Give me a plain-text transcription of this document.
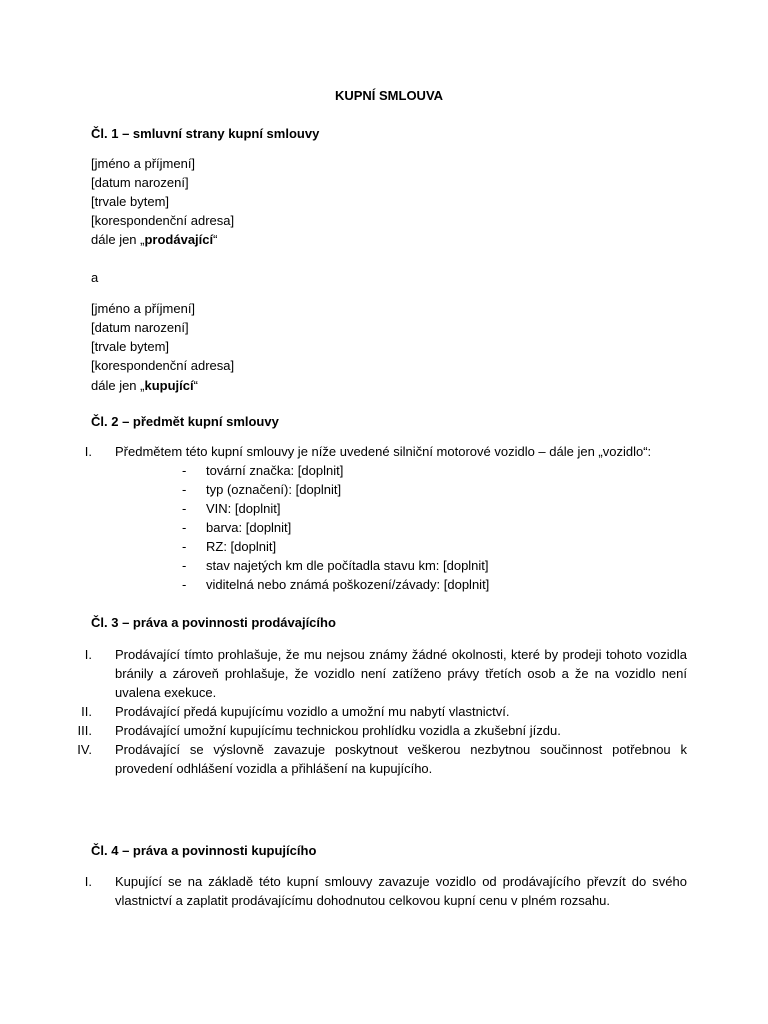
KUPNÍ SMLOUVA
Čl. 1 – smluvní strany kupní smlouvy
[jméno a příjmení]
[datum narození]
[trvale bytem]
[korespondenční adresa]
dále jen „prodávající“
a
[jméno a příjmení]
[datum narození]
[trvale bytem]
[korespondenční adresa]
dále jen „kupující“
Čl. 2 – předmět kupní smlouvy
I. Předmětem této kupní smlouvy je níže uvedené silniční motorové vozidlo – dále jen „vozidlo“:
- tovární značka: [doplnit]
- typ (označení): [doplnit]
- VIN: [doplnit]
- barva: [doplnit]
- RZ: [doplnit]
- stav najetých km dle počítadla stavu km: [doplnit]
- viditelná nebo známá poškození/závady: [doplnit]
Čl. 3 – práva a povinnosti prodávajícího
I. Prodávající tímto prohlašuje, že mu nejsou známy žádné okolnosti, které by prodeji tohoto vozidla bránily a zároveň prohlašuje, že vozidlo není zatíženo právy třetích osob a že na vozidlo není uvalena exekuce.
II. Prodávající předá kupujícímu vozidlo a umožní mu nabytí vlastnictví.
III. Prodávající umožní kupujícímu technickou prohlídku vozidla a zkušební jízdu.
IV. Prodávající se výslovně zavazuje poskytnout veškerou nezbytnou součinnost potřebnou k provedení odhlášení vozidla a přihlášení na kupujícího.
Čl. 4 – práva a povinnosti kupujícího
I. Kupující se na základě této kupní smlouvy zavazuje vozidlo od prodávajícího převzít do svého vlastnictví a zaplatit prodávajícímu dohodnutou celkovou kupní cenu v plném rozsahu.
